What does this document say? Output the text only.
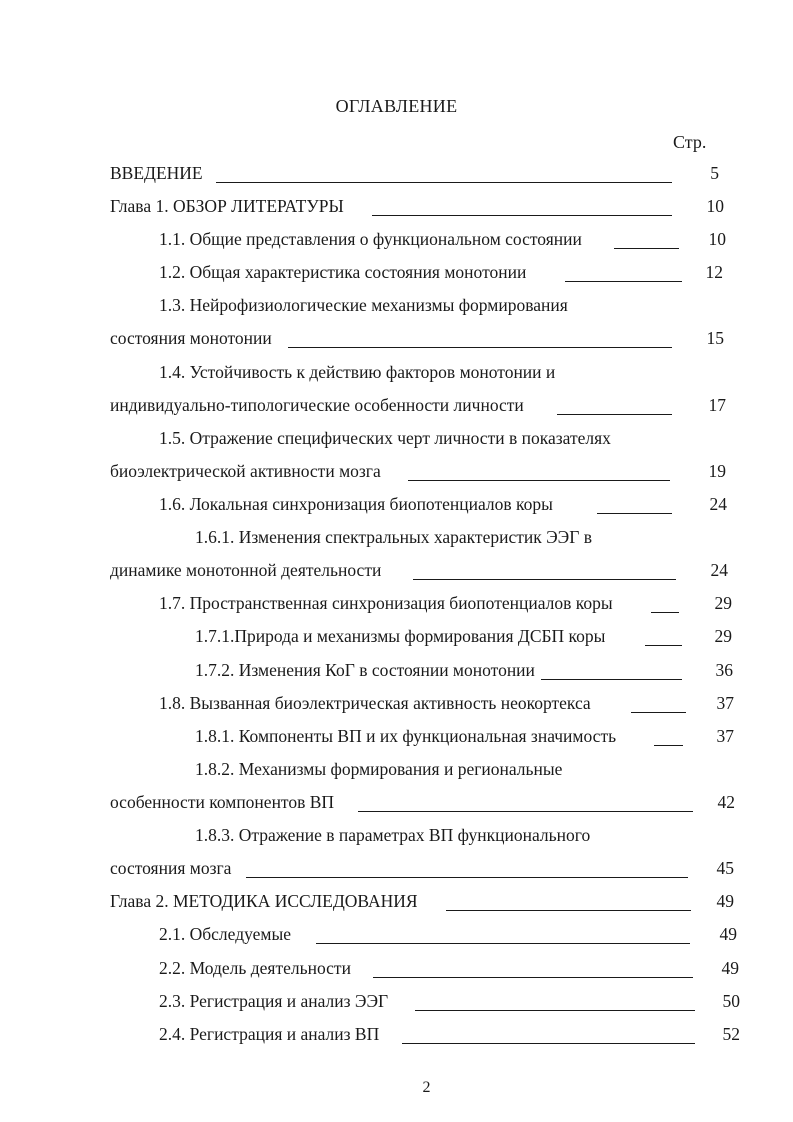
ОГЛАВЛЕНИЕ
Стр.
ВВЕДЕНИЕ	5
Глава 1. ОБЗОР ЛИТЕРАТУРЫ	10
1.1. Общие представления о функциональном состоянии	10
1.2. Общая характеристика состояния монотонии	12
1.3. Нейрофизиологические механизмы формирования
состояния монотонии	15
1.4. Устойчивость к действию факторов монотонии и
индивидуально-типологические особенности личности	17
1.5. Отражение специфических черт личности в показателях
биоэлектрической активности мозга	19
1.6. Локальная синхронизация биопотенциалов коры	24
1.6.1. Изменения спектральных характеристик ЭЭГ в
динамике монотонной деятельности	24
1.7. Пространственная синхронизация биопотенциалов коры	29
1.7.1.Природа и механизмы формирования ДСБП коры	29
1.7.2. Изменения КоГ в состоянии монотонии	36
1.8. Вызванная биоэлектрическая активность неокортекса	37
1.8.1. Компоненты ВП и их функциональная значимость	37
1.8.2. Механизмы формирования и региональные
особенности компонентов ВП	42
1.8.3. Отражение в параметрах ВП функционального
состояния мозга	45
Глава 2. МЕТОДИКА ИССЛЕДОВАНИЯ	49
2.1. Обследуемые	49
2.2. Модель деятельности	49
2.3. Регистрация и анализ ЭЭГ	50
2.4. Регистрация и анализ ВП	52
2
